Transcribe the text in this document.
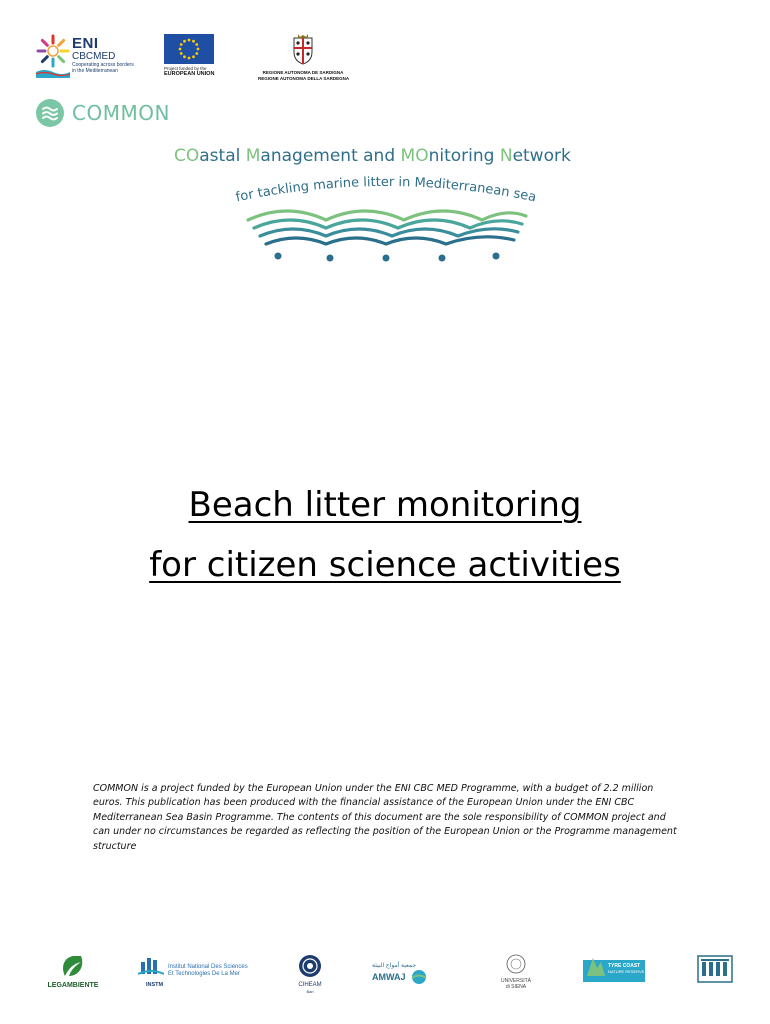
ENI
CBCMED
Cooperating across borders in the Mediterranean	Project funded by the
EUROPEAN UNION	REGIONE AUTONOMA DE SARDIGNA
REGIONE AUTONOMA DELLA SARDEGNA
COMMON
COastal Management and MOnitoring Network
for tackling marine litter in Mediterranean sea
Beach litter monitoring
for citizen science activities
COMMON is a project funded by the European Union under the ENI CBC MED Programme, with a budget of 2.2 million euros. This publication has been produced with the financial assistance of the European Union under the ENI CBC Mediterranean Sea Basin Programme. The contents of this document are the sole responsibility of COMMON project and can under no circumstances be regarded as reflecting the position of the European Union or the Programme management structure
LEGAMBIENTE
Institut National Des Sciences
Et Technologies De La Mer
INSTM	CIHEAM
Bari
جمعية أمواج البيئة
AMWAJ	UNIVERSITÀ
di SIENA
TYRE COAST
NATURE RESERVE
